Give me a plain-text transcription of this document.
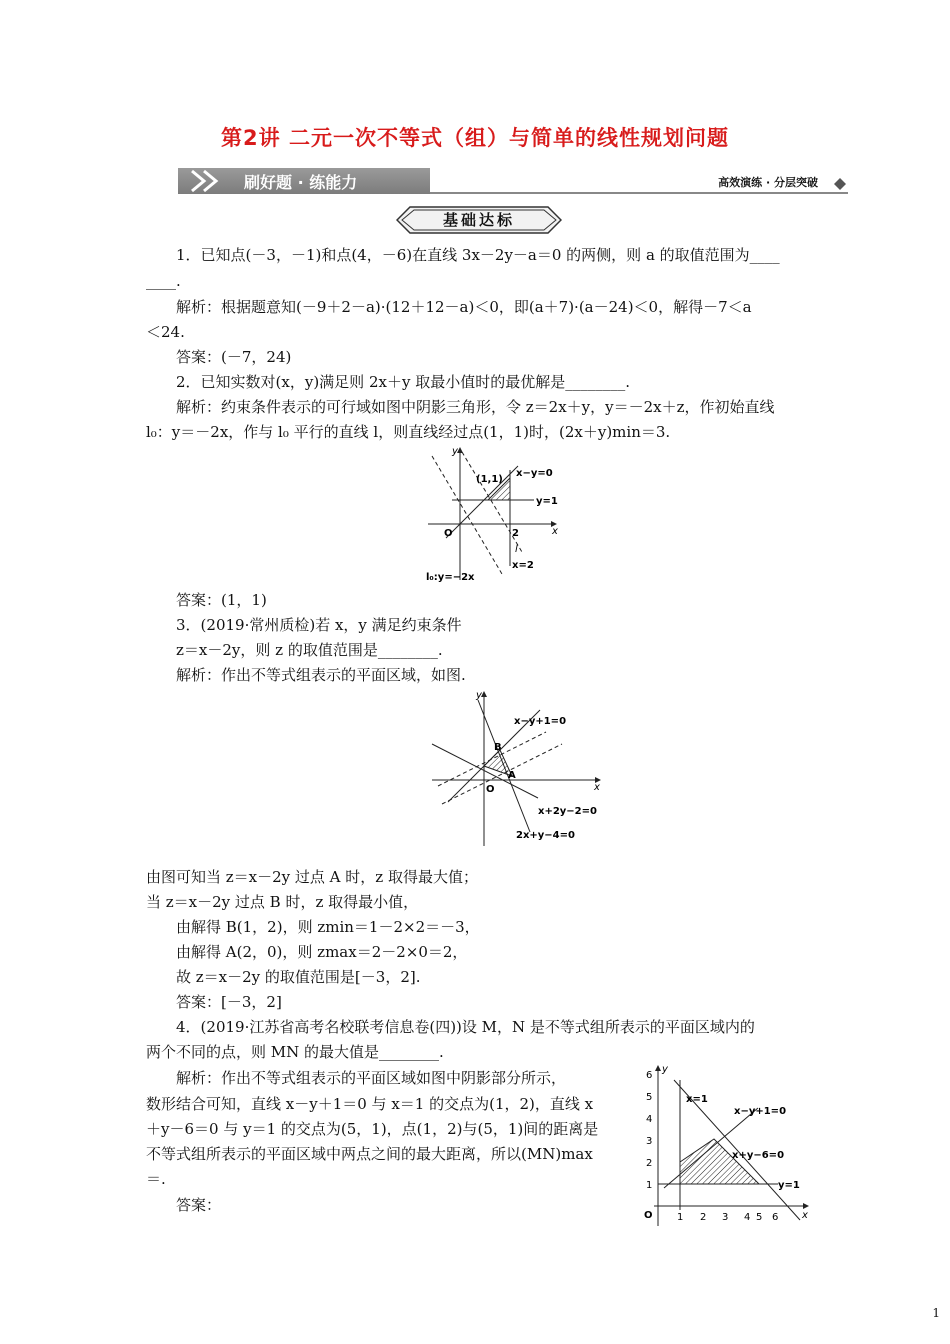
第2讲 二元一次不等式（组）与简单的线性规划问题
刷好题 · 练能力	高效演练 · 分层突破
基础达标
1．已知点(－3，－1)和点(4，－6)在直线 3x－2y－a＝0 的两侧，则 a 的取值范围为____
____.
解析：根据题意知(－9＋2－a)·(12＋12－a)＜0，即(a＋7)·(a－24)＜0，解得－7＜a
＜24.
答案：(－7，24)
2．已知实数对(x，y)满足则 2x＋y 取最小值时的最优解是________.
解析：约束条件表示的可行域如图中阴影三角形，令 z＝2x＋y，y＝－2x＋z，作初始直线
l₀：y＝－2x，作与 l₀ 平行的直线 l，则直线经过点(1，1)时，(2x＋y)min＝3.
y
x
O
(1,1)
x−y=0
y=1
2
l
x=2
l₀:y=−2x
答案：(1，1)
3．(2019·常州质检)若 x，y 满足约束条件
z＝x－2y，则 z 的取值范围是________.
解析：作出不等式组表示的平面区域，如图.
y
x
O
A
B
x−y+1=0
x+2y−2=0
2x+y−4=0
由图可知当 z＝x－2y 过点 A 时，z 取得最大值；
当 z＝x－2y 过点 B 时，z 取得最小值，
由解得 B(1，2)，则 zmin＝1－2×2＝－3，
由解得 A(2，0)，则 zmax＝2－2×0＝2，
故 z＝x－2y 的取值范围是[－3，2].
答案：[－3，2]
4．(2019·江苏省高考名校联考信息卷(四))设 M，N 是不等式组所表示的平面区域内的
两个不同的点，则 MN 的最大值是________.
解析：作出不等式组表示的平面区域如图中阴影部分所示，
数形结合可知，直线 x－y＋1＝0 与 x＝1 的交点为(1，2)，直线 x
＋y－6＝0 与 y＝1 的交点为(5，1)，点(1，2)与(5，1)间的距离是
不等式组所表示的平面区域中两点之间的最大距离，所以(MN)max
＝.
答案：
y
x
O
1
2
3
4
5
6
1 2 3 4 5 6
x=1
x−y+1=0
x+y−6=0
y=1
1
